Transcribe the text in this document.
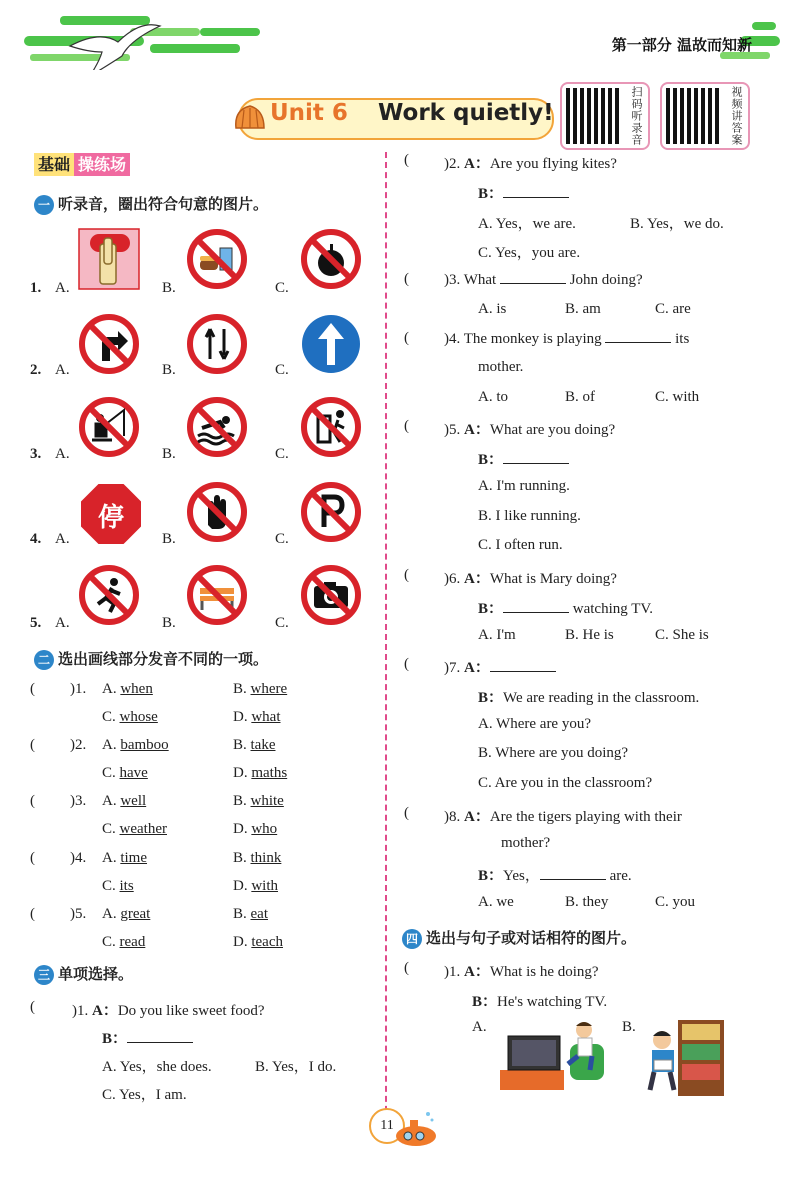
第一部分 温故而知新
Unit 6 Work quietly!	扫码听录音	视频讲答案
基础 操练场
一 听录音，圈出符合句意的图片。
1. A.	B.	C.
2. A.	B.	C.
3. A.	B.	C.
4. A.	B.	C.
停
5. A.	B.	C.
二 选出画线部分发音不同的一项。
( )1. A. when	B. where
C. whose	D. what
( )2. A. bamboo	B. take
C. have	D. maths
( )3. A. well	B. white
C. weather	D. who
( )4. A. time	B. think
C. its	D. with
( )5. A. great	B. eat
C. read	D. teach
三 单项选择。
( )1. A：Do you like sweet food?
B：
A. Yes，she does.	B. Yes，I do.
C. Yes，I am.
( )2. A：Are you flying kites?
B：
A. Yes，we are.	B. Yes，we do.
C. Yes，you are.
( )3. What	John doing?
A. is	B. am	C. are
( )4. The monkey is playing	its
mother.
A. to	B. of	C. with
( )5. A：What are you doing?
B：
A. I'm running.
B. I like running.
C. I often run.
( )6. A：What is Mary doing?
B：	watching TV.
A. I'm	B. He is	C. She is
( )7. A：
B：We are reading in the classroom.
A. Where are you?
B. Where are you doing?
C. Are you in the classroom?
( )8. A：Are the tigers playing with their
mother?
B：Yes，	are.
A. we	B. they	C. you
四 选出与句子或对话相符的图片。
( )1. A：What is he doing?
B：He's watching TV.
A.	B.
11
